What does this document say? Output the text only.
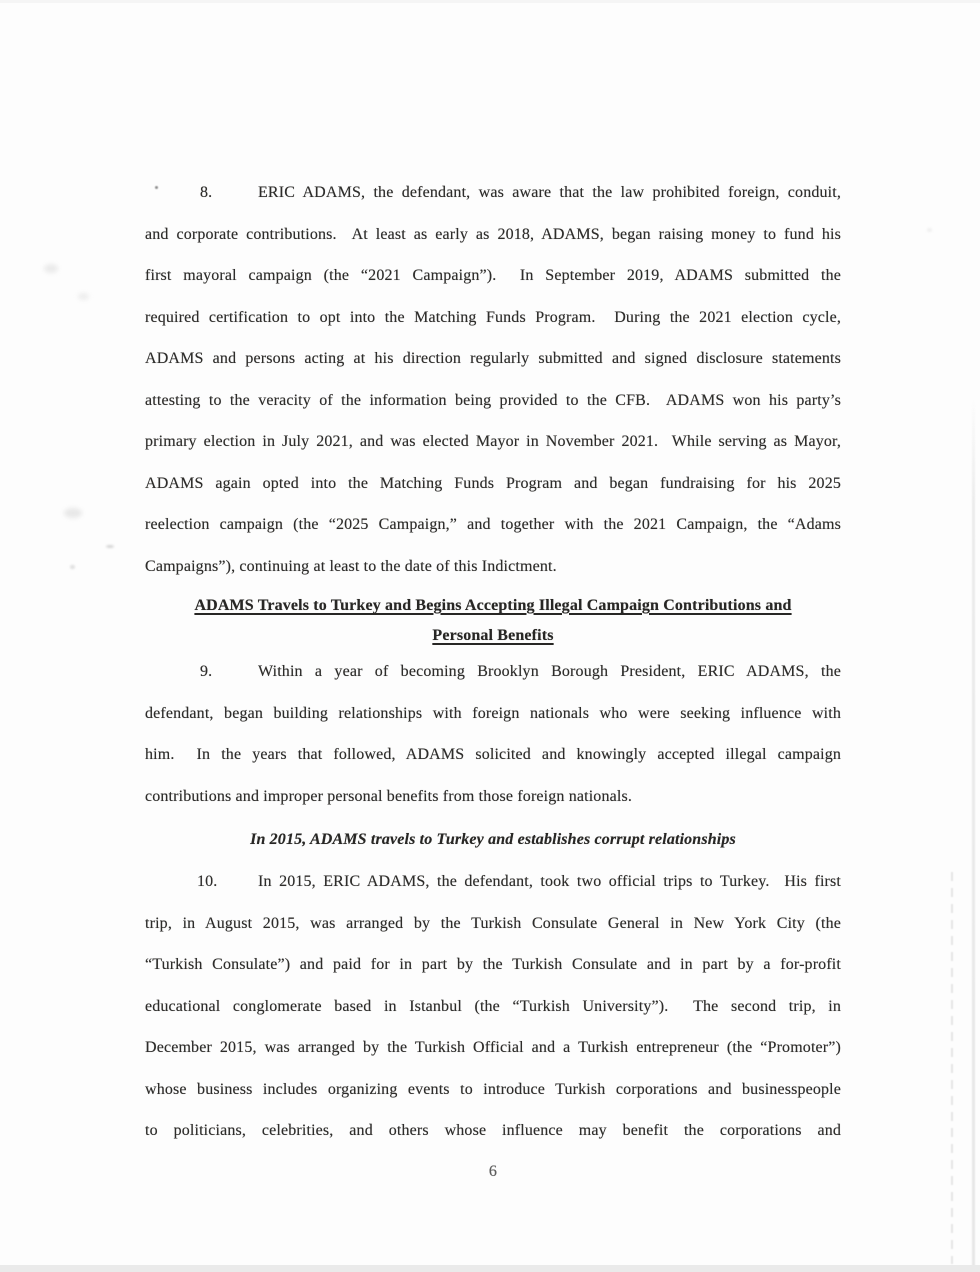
8.	ERIC ADAMS, the defendant, was aware that the law prohibited foreign, conduit,
and corporate contributions.  At least as early as 2018, ADAMS, began raising money to fund his
first mayoral campaign (the “2021 Campaign”).  In September 2019, ADAMS submitted the
required certification to opt into the Matching Funds Program.  During the 2021 election cycle,
ADAMS and persons acting at his direction regularly submitted and signed disclosure statements
attesting to the veracity of the information being provided to the CFB.  ADAMS won his party’s
primary election in July 2021, and was elected Mayor in November 2021.  While serving as Mayor,
ADAMS again opted into the Matching Funds Program and began fundraising for his 2025
reelection campaign (the “2025 Campaign,” and together with the 2021 Campaign, the “Adams
Campaigns”), continuing at least to the date of this Indictment.
ADAMS Travels to Turkey and Begins Accepting Illegal Campaign Contributions and
Personal Benefits
9.	Within a year of becoming Brooklyn Borough President, ERIC ADAMS, the
defendant, began building relationships with foreign nationals who were seeking influence with
him.  In the years that followed, ADAMS solicited and knowingly accepted illegal campaign
contributions and improper personal benefits from those foreign nationals.
In 2015, ADAMS travels to Turkey and establishes corrupt relationships
10.	In 2015, ERIC ADAMS, the defendant, took two official trips to Turkey.  His first
trip, in August 2015, was arranged by the Turkish Consulate General in New York City (the
“Turkish Consulate”) and paid for in part by the Turkish Consulate and in part by a for-profit
educational conglomerate based in Istanbul (the “Turkish University”).  The second trip, in
December 2015, was arranged by the Turkish Official and a Turkish entrepreneur (the “Promoter”)
whose business includes organizing events to introduce Turkish corporations and businesspeople
to politicians, celebrities, and others whose influence may benefit the corporations and
6
